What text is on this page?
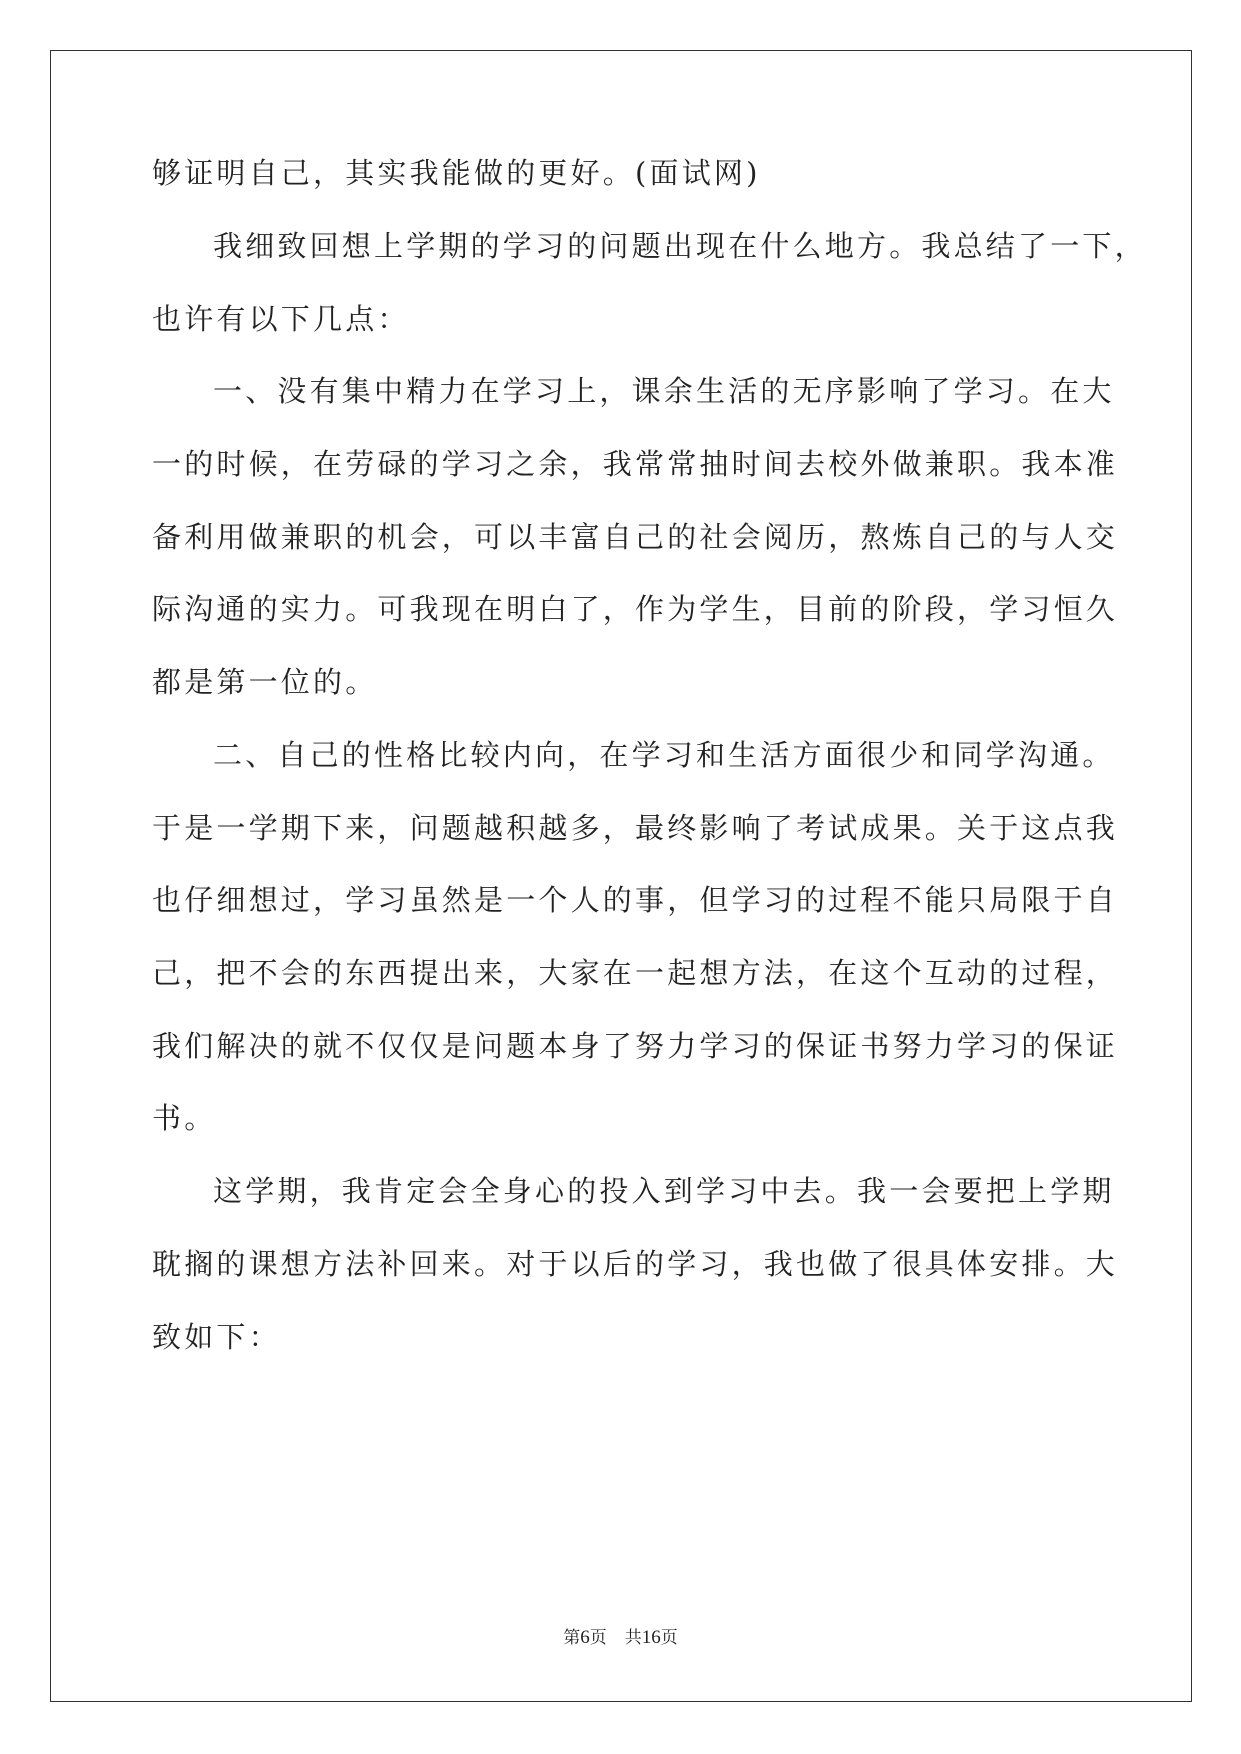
够证明自己，其实我能做的更好。(面试网)
我细致回想上学期的学习的问题出现在什么地方。我总结了一下，
也许有以下几点：
一、没有集中精力在学习上，课余生活的无序影响了学习。在大
一的时候，在劳碌的学习之余，我常常抽时间去校外做兼职。我本准
备利用做兼职的机会，可以丰富自己的社会阅历，熬炼自己的与人交
际沟通的实力。可我现在明白了，作为学生，目前的阶段，学习恒久
都是第一位的。
二、自己的性格比较内向，在学习和生活方面很少和同学沟通。
于是一学期下来，问题越积越多，最终影响了考试成果。关于这点我
也仔细想过，学习虽然是一个人的事，但学习的过程不能只局限于自
己，把不会的东西提出来，大家在一起想方法，在这个互动的过程，
我们解决的就不仅仅是问题本身了努力学习的保证书努力学习的保证
书。
这学期，我肯定会全身心的投入到学习中去。我一会要把上学期
耽搁的课想方法补回来。对于以后的学习，我也做了很具体安排。大
致如下：
第6页 共16页
